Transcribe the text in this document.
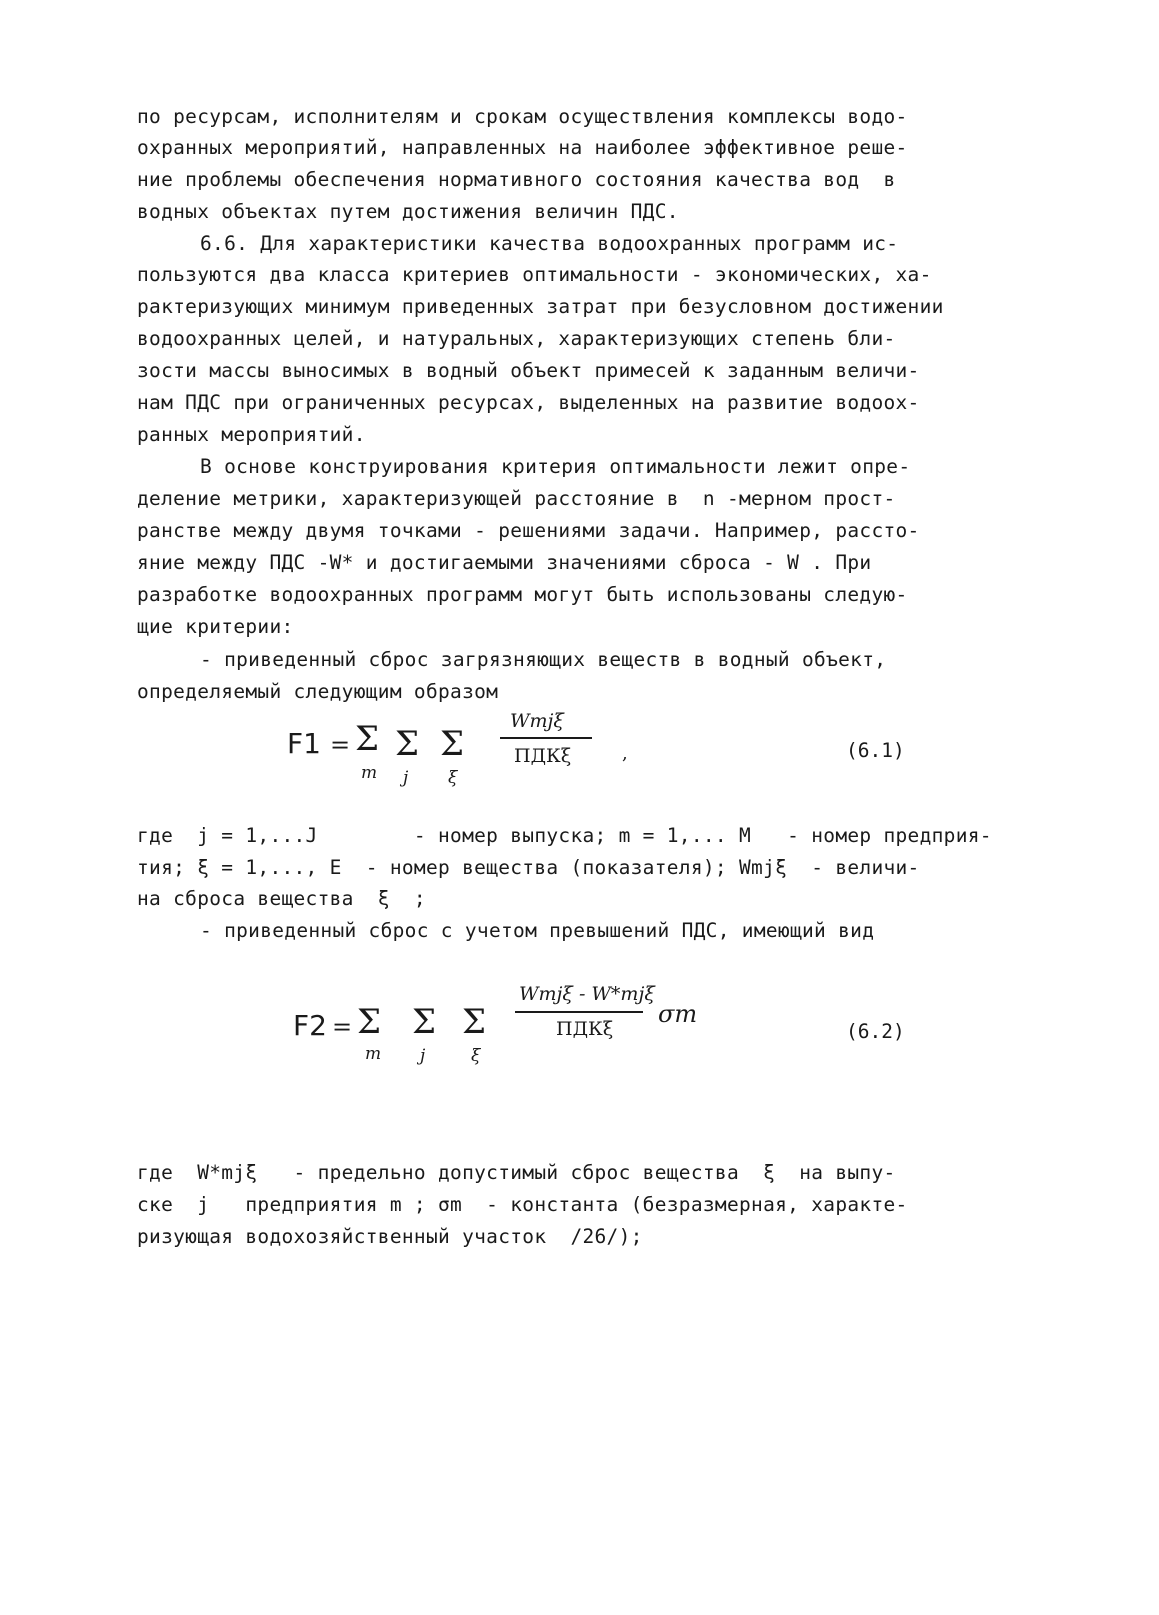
по ресурсам, исполнителям и срокам осуществления комплексы водо-
охранных мероприятий, направленных на наиболее эффективное реше-
ние проблемы обеспечения нормативного состояния качества вод  в
водных объектах путем достижения величин ПДС.
6.6. Для характеристики качества водоохранных программ ис-
пользуются два класса критериев оптимальности - экономических, ха-
рактеризующих минимум приведенных затрат при безусловном достижении
водоохранных целей, и натуральных, характеризующих степень бли-
зости массы выносимых в водный объект примесей к заданным величи-
нам ПДС при ограниченных ресурсах, выделенных на развитие водоох-
ранных мероприятий.
В основе конструирования критерия оптимальности лежит опре-
деление метрики, характеризующей расстояние в  n -мерном прост-
ранстве между двумя точками - решениями задачи. Например, рассто-
яние между ПДС -W* и достигаемыми значениями сброса - W . При
разработке водоохранных программ могут быть использованы следую-
щие критерии:
- приведенный сброс загрязняющих веществ в водный объект,
определяемый следующим образом
F1 = Σ
m
Σ
j
Σ
ξ
Wmjξ
ПДКξ	,	(6.1)
где  j = 1,...J        - номер выпуска; m = 1,... M   - номер предприя-
тия; ξ = 1,..., E  - номер вещества (показателя); Wmjξ  - величи-
на сброса вещества  ξ  ;
- приведенный сброс с учетом превышений ПДС, имеющий вид
F2 = Σ
m
Σ
j
Σ
ξ
Wmjξ - W*mjξ
ПДКξ
σm
(6.2)
где  W*mjξ   - предельно допустимый сброс вещества  ξ  на выпу-
ске  j   предприятия m ; σm  - константа (безразмерная, характе-
ризующая водохозяйственный участок  /26/);
